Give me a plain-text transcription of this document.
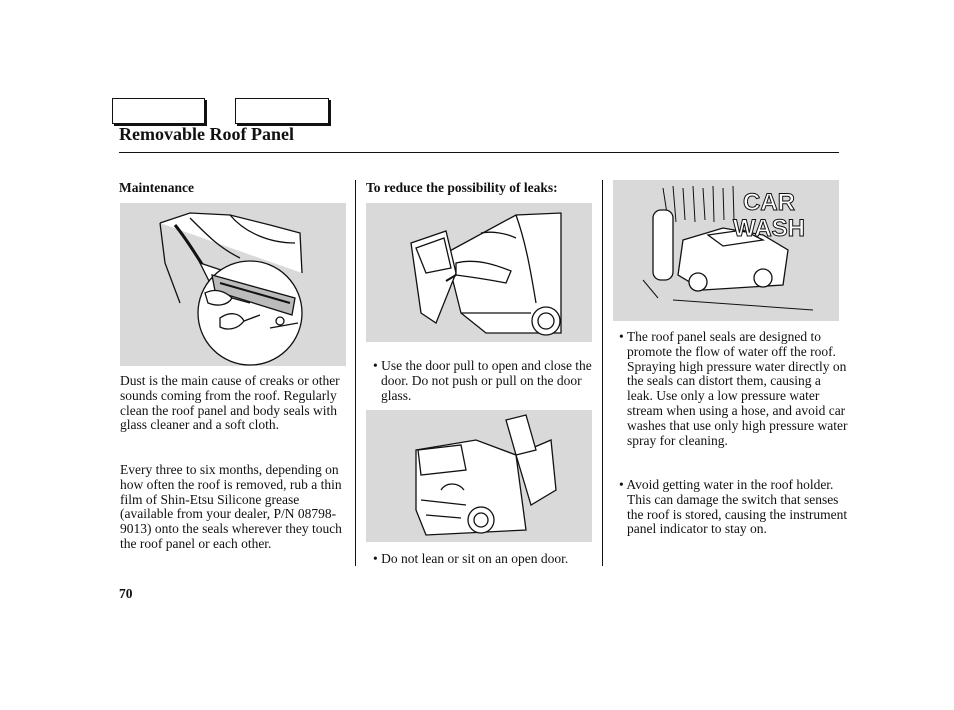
Removable Roof Panel
Maintenance

Dust is the main cause of creaks or other sounds coming from the roof. Regularly clean the roof panel and body seals with glass cleaner and a soft cloth.

Every three to six months, depending on how often the roof is removed, rub a thin film of Shin-Etsu Silicone grease (available from your dealer, P/N 08798-9013) onto the seals wherever they touch the roof panel or each other.

To reduce the possibility of leaks:

• Use the door pull to open and close the door. Do not push or pull on the door glass.

• Do not lean or sit on an open door.

CAR
WASH

• The roof panel seals are designed to promote the flow of water off the roof. Spraying high pressure water directly on the seals can distort them, causing a leak. Use only a low pressure water stream when using a hose, and avoid car washes that use only high pressure water spray for cleaning.

• Avoid getting water in the roof holder. This can damage the switch that senses the roof is stored, causing the instrument panel indicator to stay on.

70
